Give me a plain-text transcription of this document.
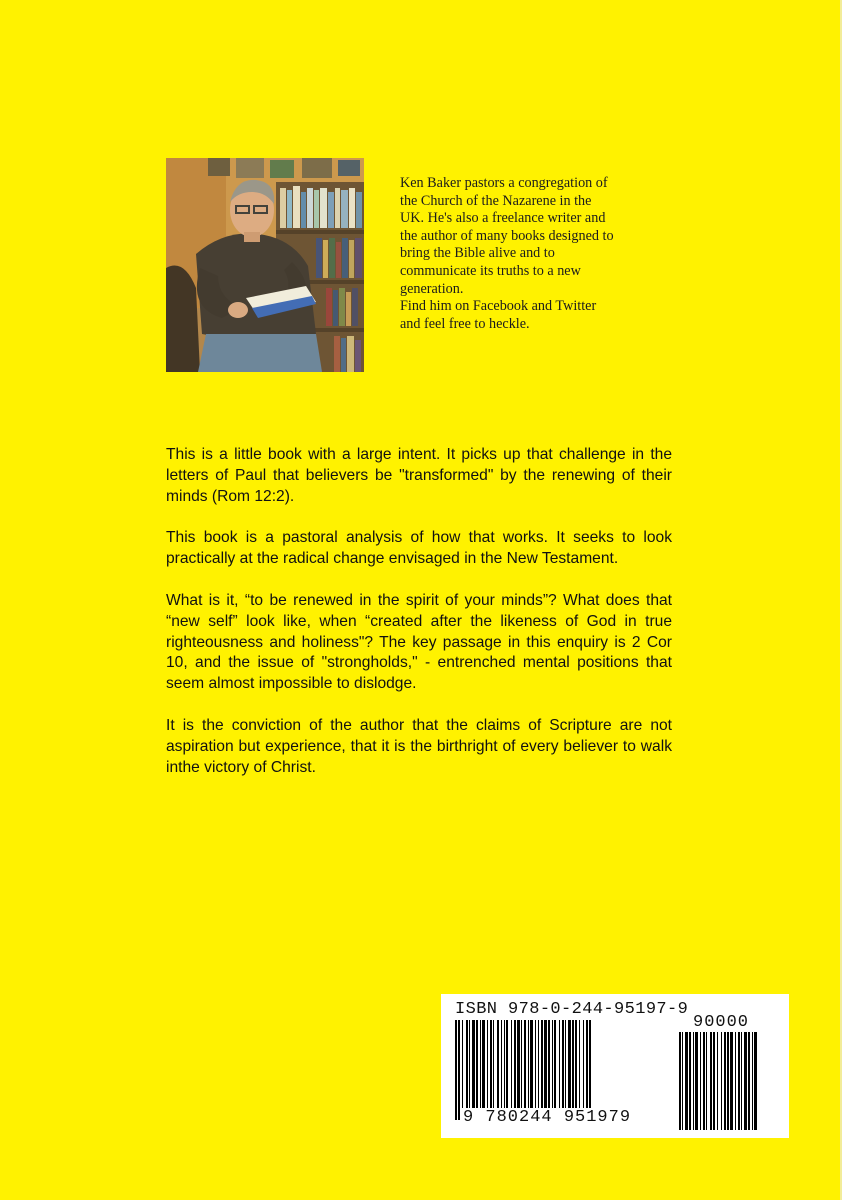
Ken Baker pastors a congregation of
the Church of the Nazarene in the
UK. He's also a freelance writer and
the author of many books designed to
bring the Bible alive and to
communicate its truths to a new
generation.
Find him on Facebook and Twitter
and feel free to heckle.

This is a little book with a large intent. It picks up that challenge in the letters of Paul that believers be "transformed" by the renewing of their minds (Rom 12:2).

This book is a pastoral analysis of how that works. It seeks to look practically at the radical change envisaged in the New Testament.

What is it, “to be renewed in the spirit of your minds”? What does that “new self” look like, when “created after the likeness of God in true righteousness and holiness"? The key passage in this enquiry is 2 Cor 10, and the issue of "strongholds," - entrenched mental positions that seem almost impossible to dislodge.

It is the conviction of the author that the claims of Scripture are not aspiration but experience, that it is the birthright of every believer to walk inthe victory of Christ.

ISBN 978-0-244-95197-9
90000
9 780244 951979
